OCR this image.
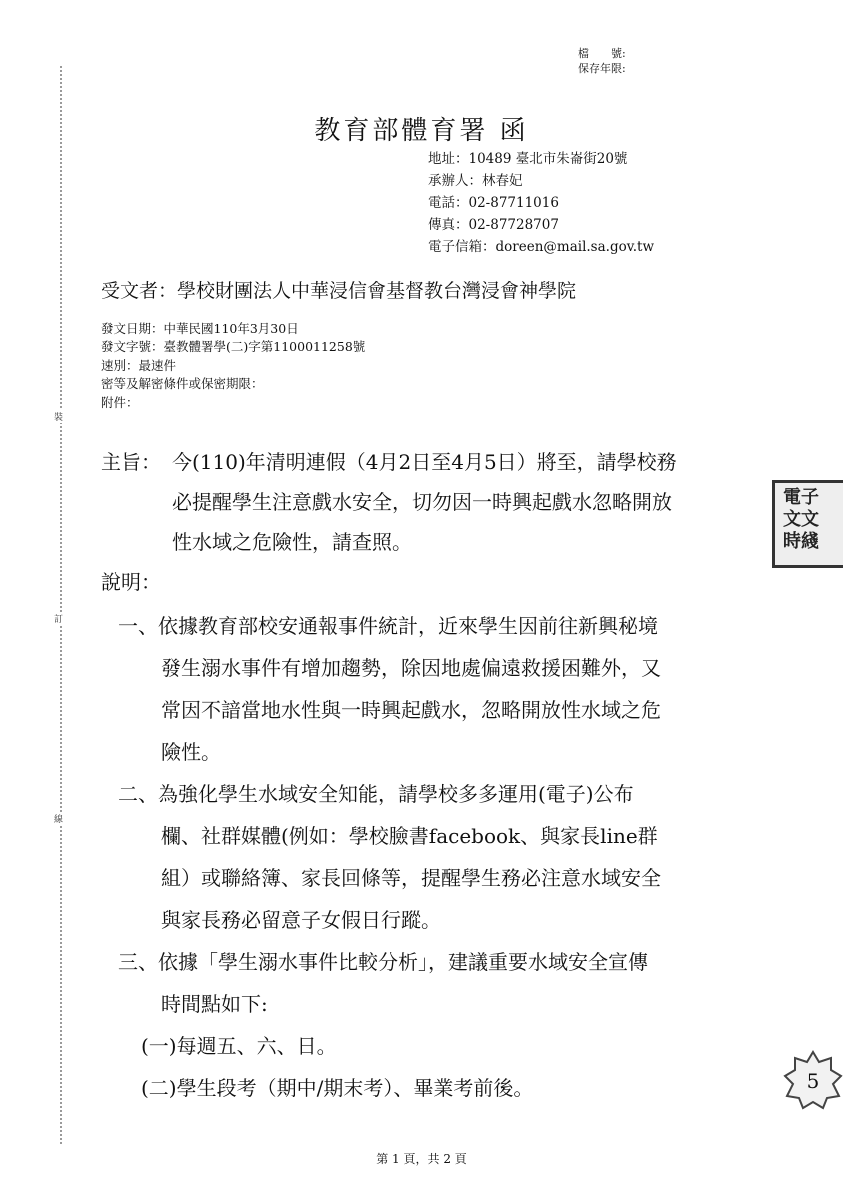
裝
訂
線
檔　　號:
保存年限:
教育部體育署 函
地址：10489 臺北市朱崙街20號
承辦人：林春妃
電話：02-87711016
傳真：02-87728707
電子信箱：doreen@mail.sa.gov.tw
受文者：學校財團法人中華浸信會基督教台灣浸會神學院
發文日期：中華民國110年3月30日
發文字號：臺教體署學(二)字第1100011258號
速別：最速件
密等及解密條件或保密期限：
附件：
主旨： 今(110)年清明連假（4月2日至4月5日）將至，請學校務
必提醒學生注意戲水安全，切勿因一時興起戲水忽略開放
性水域之危險性，請查照。
說明：
一、依據教育部校安通報事件統計，近來學生因前往新興秘境
發生溺水事件有增加趨勢，除因地處偏遠救援困難外，又
常因不諳當地水性與一時興起戲水，忽略開放性水域之危
險性。
二、為強化學生水域安全知能，請學校多多運用(電子)公布
欄、社群媒體(例如：學校臉書facebook、與家長line群
組）或聯絡簿、家長回條等，提醒學生務必注意水域安全
與家長務必留意子女假日行蹤。
三、依據「學生溺水事件比較分析」，建議重要水域安全宣傳
時間點如下:
(一)每週五、六、日。
(二)學生段考（期中/期末考）、畢業考前後。
電子
文文
時綫
5
第 1 頁，共 2 頁
